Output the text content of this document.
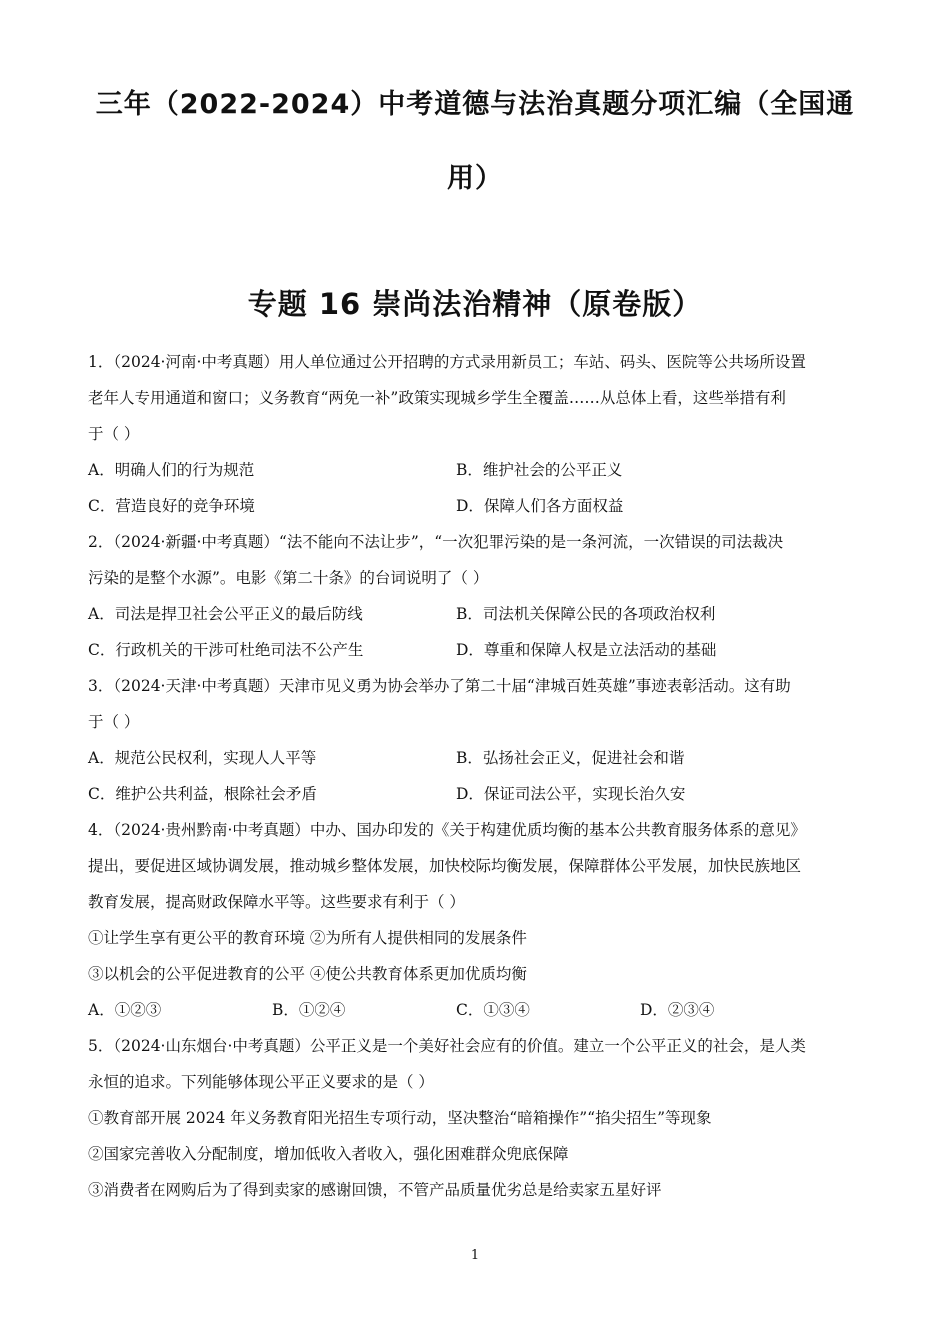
三年（2022-2024）中考道德与法治真题分项汇编（全国通
用）
专题 16 崇尚法治精神（原卷版）
1．（2024·河南·中考真题）用人单位通过公开招聘的方式录用新员工；车站、码头、医院等公共场所设置
老年人专用通道和窗口；义务教育“两免一补”政策实现城乡学生全覆盖……从总体上看，这些举措有利
于（ ）
A．明确人们的行为规范	B．维护社会的公平正义
C．营造良好的竞争环境	D．保障人们各方面权益
2．（2024·新疆·中考真题）“法不能向不法让步”，“一次犯罪污染的是一条河流，一次错误的司法裁决
污染的是整个水源”。电影《第二十条》的台词说明了（ ）
A．司法是捍卫社会公平正义的最后防线	B．司法机关保障公民的各项政治权利
C．行政机关的干涉可杜绝司法不公产生	D．尊重和保障人权是立法活动的基础
3．（2024·天津·中考真题）天津市见义勇为协会举办了第二十届“津城百姓英雄”事迹表彰活动。这有助
于（ ）
A．规范公民权利，实现人人平等	B．弘扬社会正义，促进社会和谐
C．维护公共利益，根除社会矛盾	D．保证司法公平，实现长治久安
4．（2024·贵州黔南·中考真题）中办、国办印发的《关于构建优质均衡的基本公共教育服务体系的意见》
提出，要促进区域协调发展，推动城乡整体发展，加快校际均衡发展，保障群体公平发展，加快民族地区
教育发展，提高财政保障水平等。这些要求有利于（ ）
①让学生享有更公平的教育环境 ②为所有人提供相同的发展条件
③以机会的公平促进教育的公平 ④使公共教育体系更加优质均衡
A．①②③	B．①②④	C．①③④	D．②③④
5．（2024·山东烟台·中考真题）公平正义是一个美好社会应有的价值。建立一个公平正义的社会，是人类
永恒的追求。下列能够体现公平正义要求的是（ ）
①教育部开展 2024 年义务教育阳光招生专项行动，坚决整治“暗箱操作”“掐尖招生”等现象
②国家完善收入分配制度，增加低收入者收入，强化困难群众兜底保障
③消费者在网购后为了得到卖家的感谢回馈，不管产品质量优劣总是给卖家五星好评
1
